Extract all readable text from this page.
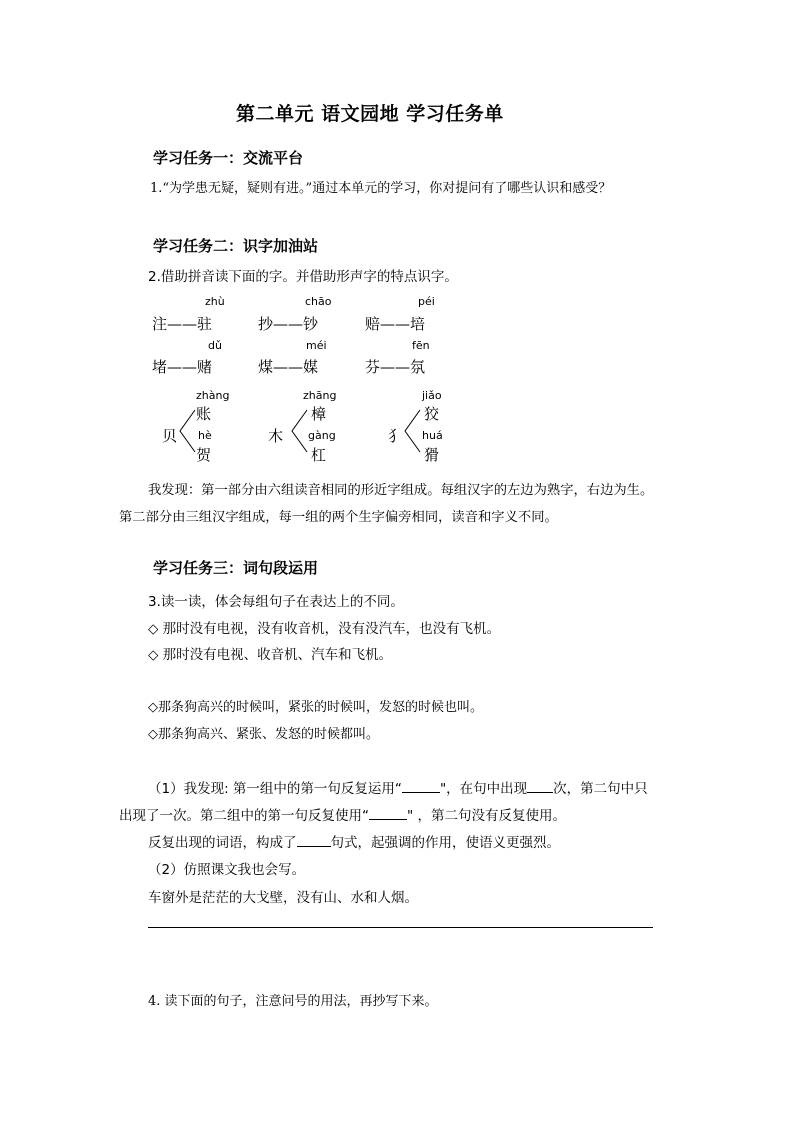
第二单元 语文园地 学习任务单
学习任务一：交流平台
1.“为学患无疑，疑则有进。”通过本单元的学习，你对提问有了哪些认识和感受？
学习任务二：识字加油站
2.借助拼音读下面的字。并借助形声字的特点识字。
zhù	chāo	péi
注——驻	抄——钞	赔——培
dǔ	méi	fēn
堵——赌	煤——媒	芬——氛
zhàng
账
贝 hè
贺
zhāng
樟
木 gàng
杠
jiǎo
狡
犭 huá
猾
我发现：第一部分由六组读音相同的形近字组成。每组汉字的左边为熟字，右边为生。
第二部分由三组汉字组成，每一组的两个生字偏旁相同，读音和字义不同。
学习任务三：词句段运用
3.读一读，体会每组句子在表达上的不同。
◇ 那时没有电视，没有收音机，没有没汽车，也没有飞机。
◇ 那时没有电视、收音机、汽车和飞机。
◇那条狗高兴的时候叫，紧张的时候叫，发怒的时候也叫。
◇那条狗高兴、紧张、发怒的时候都叫。
（1）我发现: 第一组中的第一句反复运用“	"，在句中出现 次，第二句中只
出现了一次。第二组中的第一句反复使用“	" ，第二句没有反复使用。
反复出现的词语，构成了	句式，起强调的作用，使语义更强烈。
（2）仿照课文我也会写。
车窗外是茫茫的大戈壁，没有山、水和人烟。
4. 读下面的句子，注意问号的用法，再抄写下来。
